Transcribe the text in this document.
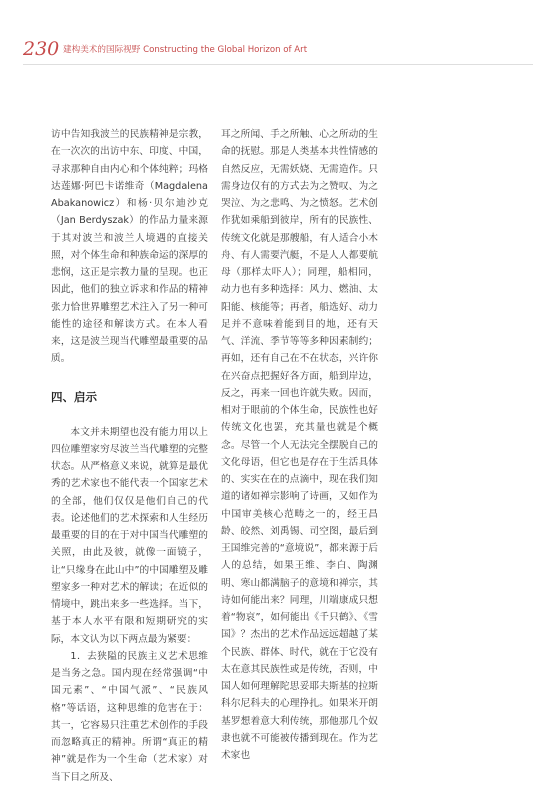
230 建构美术的国际视野 Constructing the Global Horizon of Art

访中告知我波兰的民族精神是宗教，在一次次的出访中东、印度、中国，寻求那种自由内心和个体纯粹；玛格达莲娜·阿巴卡诺维奇（Magdalena Abakanowicz）和杨·贝尔迪沙克（Jan Berdyszak）的作品力量来源于其对波兰和波兰人境遇的直接关照，对个体生命和种族命运的深厚的悲悯，这正是宗教力量的呈现。也正因此，他们的独立诉求和作品的精神张力恰世界雕塑艺术注入了另一种可能性的途径和解读方式。在本人看来，这是波兰现当代雕塑最重要的品质。

四、启示

本文并未期望也没有能力用以上四位雕塑家穷尽波兰当代雕塑的完整状态。从严格意义来说，就算是最优秀的艺术家也不能代表一个国家艺术的全部，他们仅仅是他们自己的代表。论述他们的艺术探索和人生经历最重要的目的在于对中国当代雕塑的关照，由此及彼，就像一面镜子，让“只缘身在此山中”的中国雕塑及雕塑家多一种对艺术的解读；在近似的情境中，跳出来多一些选择。当下，基于本人水平有限和短期研究的实际，本文认为以下两点最为紧要：

1．去狭隘的民族主义艺术思维是当务之急。国内现在经常强调“中国元素”、“中国气派”、“民族风格”等话语，这种思维的危害在于：其一，它容易只注重艺术创作的手段而忽略真正的精神。所谓“真正的精神”就是作为一个生命（艺术家）对当下目之所及、

耳之所闻、手之所触、心之所动的生命的抚慰。那是人类基本共性情感的自然反应，无需妖娆、无需造作。只需身边仅有的方式去为之赞叹、为之哭泣、为之悲鸣、为之愤怒。艺术创作犹如乘船到彼岸，所有的民族性、传统文化就是那艘船，有人适合小木舟、有人需要汽艇，不是人人都要航母（那样太吓人）；同理，船相同，动力也有多种选择：风力、燃油、太阳能、核能等；再者，船选好、动力足并不意味着能到目的地，还有天气、洋流、季节等等多种因素制约；再如，还有自己在不在状态，兴许你在兴奋点把握好各方面，船到岸边，反之，再来一回也许就失败。因而，相对于眼前的个体生命，民族性也好传统文化也罢，充其量也就是个概念。尽管一个人无法完全摆脱自己的文化母语，但它也是存在于生活具体的、实实在在的点滴中，现在我们知道的诸如禅宗影响了诗画，又如作为中国审美核心范畴之一的，经王昌龄、皎然、刘禹锡、司空图，最后到王国维完善的“意境说”，都来源于后人的总结，如果王维、李白、陶渊明、寒山都满脑子的意境和禅宗，其诗如何能出来？同理，川端康成只想着“物哀”，如何能出《千只鹤》、《雪国》？杰出的艺术作品远远超越了某个民族、群体、时代，就在于它没有太在意其民族性或是传统，否则，中国人如何理解陀思妥耶夫斯基的拉斯科尔尼科夫的心理挣扎。如果米开朗基罗想着意大利传统，那他那几个奴隶也就不可能被传播到现在。作为艺术家也
